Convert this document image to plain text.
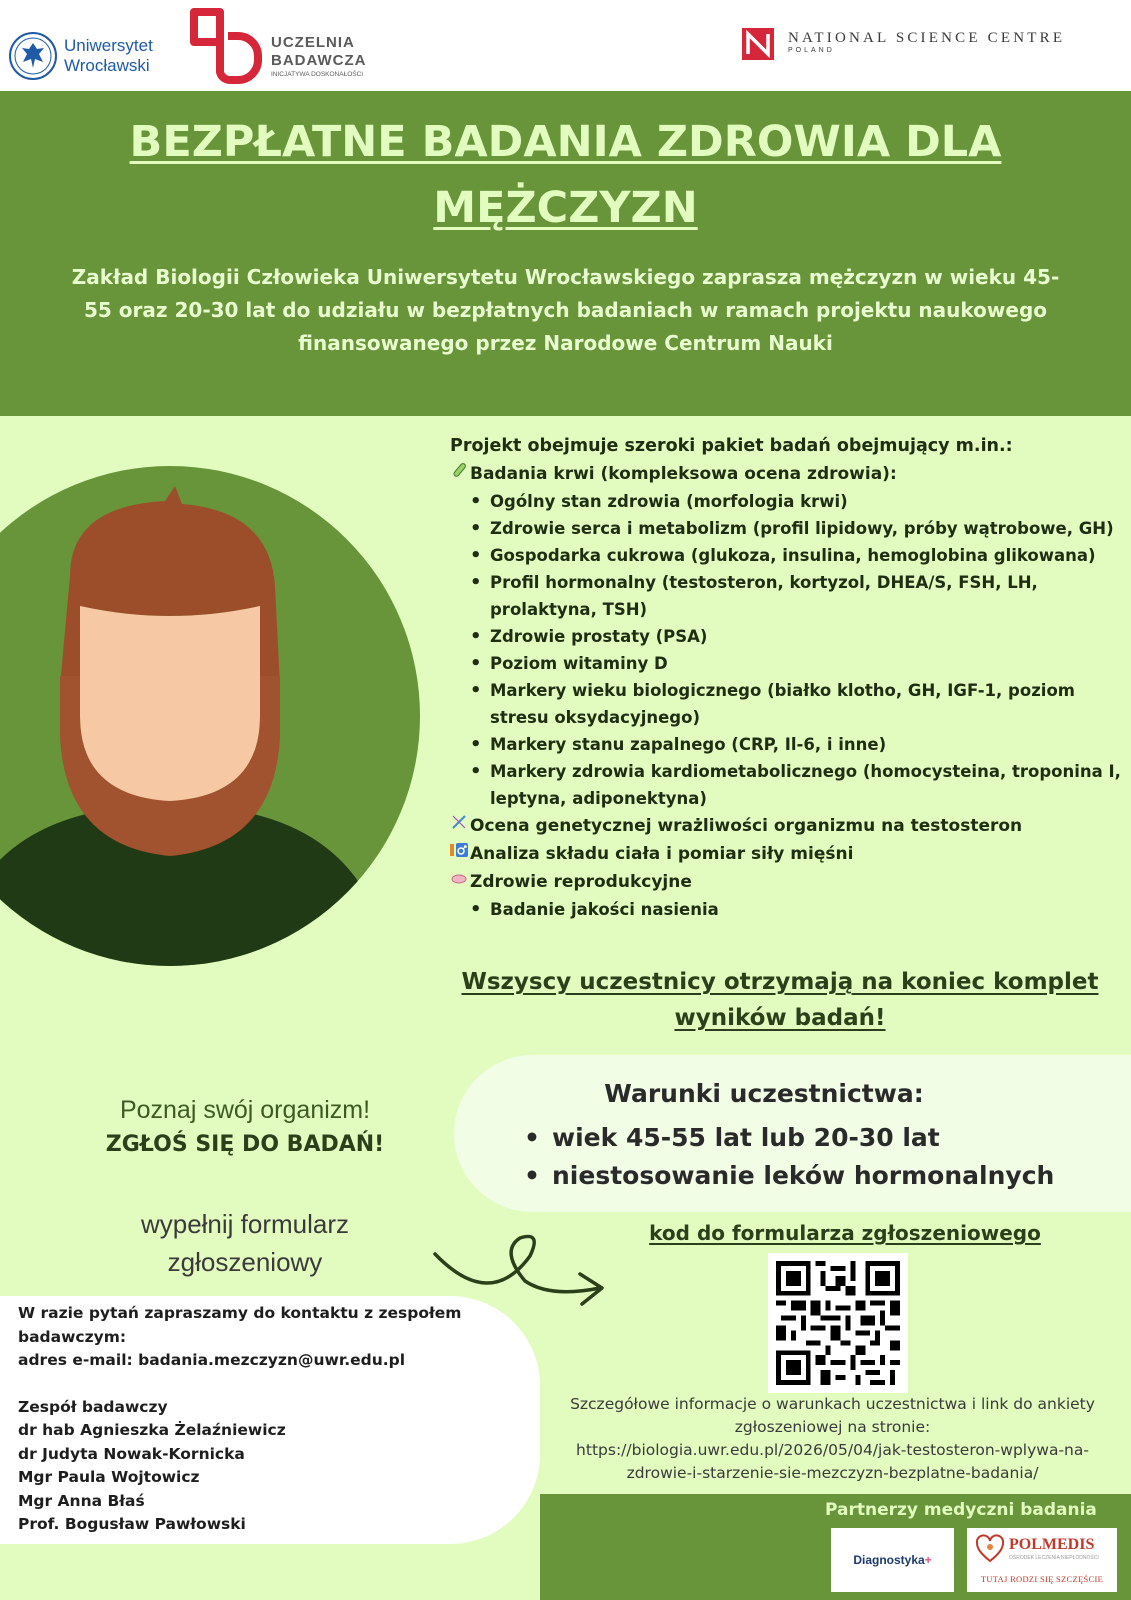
Uniwersytet
Wrocławski
UCZELNIA
BADAWCZA
INICJATYWA DOSKONAŁOŚCI
NATIONAL SCIENCE CENTRE
POLAND
BEZPŁATNE BADANIA ZDROWIA DLA MĘŻCZYZN

Zakład Biologii Człowieka Uniwersytetu Wrocławskiego zaprasza mężczyzn w wieku 45-55 oraz 20-30 lat do udziału w bezpłatnych badaniach w ramach projektu naukowego finansowanego przez Narodowe Centrum Nauki

Projekt obejmuje szeroki pakiet badań obejmujący m.in.:
Badania krwi (kompleksowa ocena zdrowia):
• Ogólny stan zdrowia (morfologia krwi)
• Zdrowie serca i metabolizm (profil lipidowy, próby wątrobowe, GH)
• Gospodarka cukrowa (glukoza, insulina, hemoglobina glikowana)
• Profil hormonalny (testosteron, kortyzol, DHEA/S, FSH, LH, prolaktyna, TSH)
• Zdrowie prostaty (PSA)
• Poziom witaminy D
• Markery wieku biologicznego (białko klotho, GH, IGF-1, poziom stresu oksydacyjnego)
• Markery stanu zapalnego (CRP, Il-6, i inne)
• Markery zdrowia kardiometabolicznego (homocysteina, troponina I, leptyna, adiponektyna)
Ocena genetycznej wrażliwości organizmu na testosteron
Analiza składu ciała i pomiar siły mięśni
Zdrowie reprodukcyjne
• Badanie jakości nasienia
Wszyscy uczestnicy otrzymają na koniec komplet wyników badań!
Warunki uczestnictwa:
• wiek 45-55 lat lub 20-30 lat
• niestosowanie leków hormonalnych
Poznaj swój organizm!
ZGŁOŚ SIĘ DO BADAŃ!
wypełnij formularz zgłoszeniowy
kod do formularza zgłoszeniowego
Szczegółowe informacje o warunkach uczestnictwa i link do ankiety zgłoszeniowej na stronie:
https://biologia.uwr.edu.pl/2026/05/04/jak-testosteron-wplywa-na-zdrowie-i-starzenie-sie-mezczyzn-bezplatne-badania/
W razie pytań zapraszamy do kontaktu z zespołem badawczym:
adres e-mail: badania.mezczyzn@uwr.edu.pl
Zespół badawczy
dr hab Agnieszka Żelaźniewicz
dr Judyta Nowak-Kornicka
Mgr Paula Wojtowicz
Mgr Anna Błaś
Prof. Bogusław Pawłowski
Partnerzy medyczni badania
Diagnostyka +
POLMEDIS
OŚRODEK LECZENIA NIEPŁODNOŚCI
TUTAJ RODZI SIĘ SZCZĘŚCIE
